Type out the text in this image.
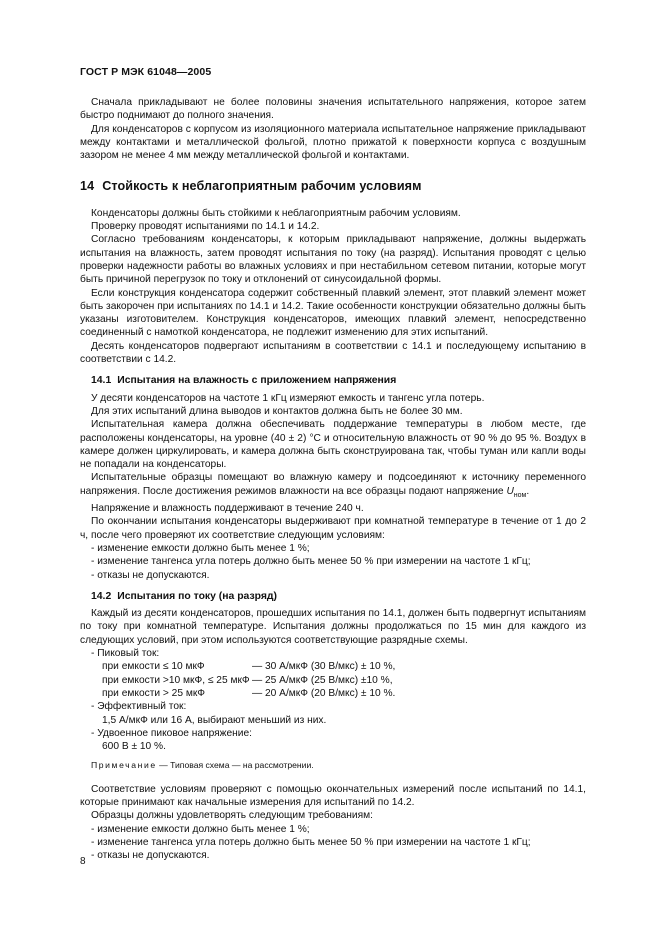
ГОСТ Р МЭК 61048—2005

Сначала прикладывают не более половины значения испытательного напряжения, которое затем быстро поднимают до полного значения.

Для конденсаторов с корпусом из изоляционного материала испытательное напряжение прикладывают между контактами и металлической фольгой, плотно прижатой к поверхности корпуса с воздушным зазором не менее 4 мм между металлической фольгой и контактами.

14 Стойкость к неблагоприятным рабочим условиям

Конденсаторы должны быть стойкими к неблагоприятным рабочим условиям.

Проверку проводят испытаниями по 14.1 и 14.2.

Согласно требованиям конденсаторы, к которым прикладывают напряжение, должны выдержать испытания на влажность, затем проводят испытания по току (на разряд). Испытания проводят с целью проверки надежности работы во влажных условиях и при нестабильном сетевом питании, которые могут быть причиной перегрузок по току и отклонений от синусоидальной формы.

Если конструкция конденсатора содержит собственный плавкий элемент, этот плавкий элемент может быть закорочен при испытаниях по 14.1 и 14.2. Такие особенности конструкции обязательно должны быть указаны изготовителем. Конструкция конденсаторов, имеющих плавкий элемент, непосредственно соединенный с намоткой конденсатора, не подлежит изменению для этих испытаний.

Десять конденсаторов подвергают испытаниям в соответствии с 14.1 и последующему испытанию в соответствии с 14.2.

14.1 Испытания на влажность с приложением напряжения

У десяти конденсаторов на частоте 1 кГц измеряют емкость и тангенс угла потерь.

Для этих испытаний длина выводов и контактов должна быть не более 30 мм.

Испытательная камера должна обеспечивать поддержание температуры в любом месте, где расположены конденсаторы, на уровне (40 ± 2) °С и относительную влажность от 90 % до 95 %. Воздух в камере должен циркулировать, и камера должна быть сконструирована так, чтобы туман или капли воды не попадали на конденсаторы.

Испытательные образцы помещают во влажную камеру и подсоединяют к источнику переменного напряжения. После достижения режимов влажности на все образцы подают напряжение $U_{ном}$.

Напряжение и влажность поддерживают в течение 240 ч.

По окончании испытания конденсаторы выдерживают при комнатной температуре в течение от 1 до 2 ч, после чего проверяют их соответствие следующим условиям:

- изменение емкости должно быть менее 1 %;

- изменение тангенса угла потерь должно быть менее 50 % при измерении на частоте 1 кГц;

- отказы не допускаются.

14.2 Испытания по току (на разряд)

Каждый из десяти конденсаторов, прошедших испытания по 14.1, должен быть подвергнут испытаниям по току при комнатной температуре. Испытания должны продолжаться по 15 мин для каждого из следующих условий, при этом используются соответствующие разрядные схемы.

- Пиковый ток:

при емкости ≤ 10 мкФ	— 30 А/мкФ (30 В/мкс) ± 10 %,
при емкости >10 мкФ, ≤ 25 мкФ — 25 А/мкФ (25 В/мкс) ±10 %,
при емкости > 25 мкФ	— 20 А/мкФ (20 В/мкс) ± 10 %.

- Эффективный ток:

1,5 А/мкФ или 16 А, выбирают меньший из них.

- Удвоенное пиковое напряжение:

600 В ± 10 %.

Примечание — Типовая схема — на рассмотрении.

Соответствие условиям проверяют с помощью окончательных измерений после испытаний по 14.1, которые принимают как начальные измерения для испытаний по 14.2.

Образцы должны удовлетворять следующим требованиям:

- изменение емкости должно быть менее 1 %;

- изменение тангенса угла потерь должно быть менее 50 % при измерении на частоте 1 кГц;

- отказы не допускаются.

8
